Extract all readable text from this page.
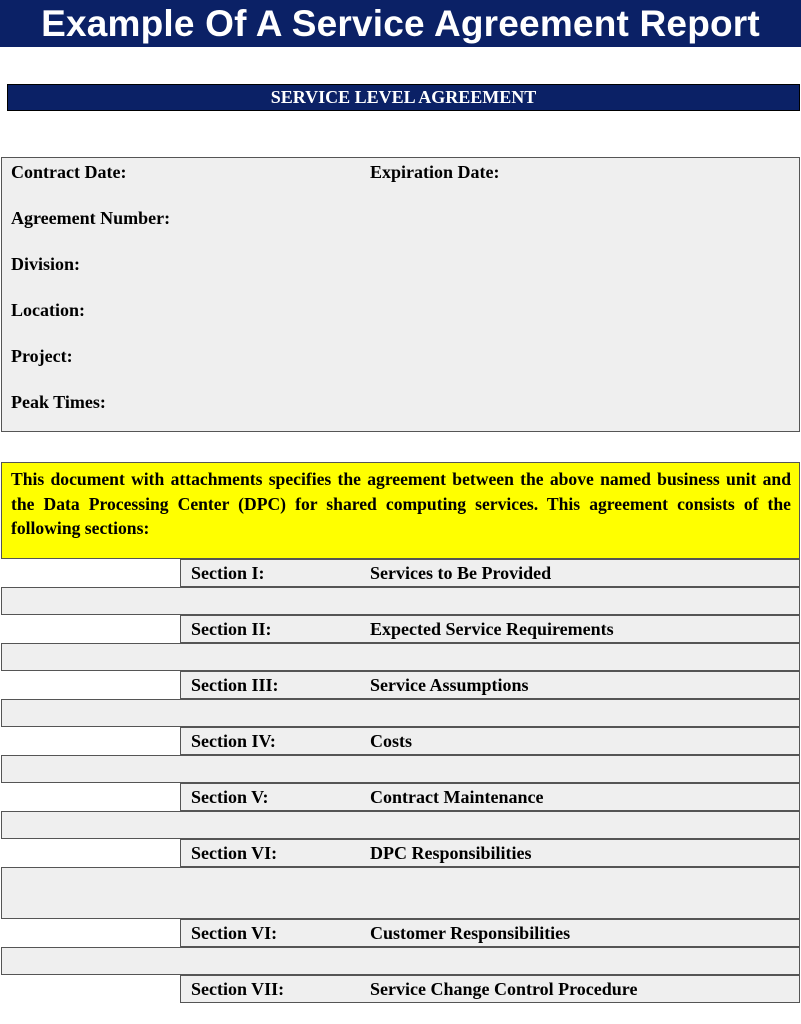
Example Of A Service Agreement Report
SERVICE LEVEL AGREEMENT
Contract Date:	Expiration Date:
Agreement Number:
Division:
Location:
Project:
Peak Times:
This document with attachments specifies the agreement between the above named business unit and the Data Processing Center (DPC) for shared computing services. This agreement consists of the following sections:
Section I:	Services to Be Provided
Section II:	Expected Service Requirements
Section III:	Service Assumptions
Section IV:	Costs
Section V:	Contract Maintenance
Section VI:	DPC Responsibilities
Section VI:	Customer Responsibilities
Section VII:	Service Change Control Procedure
